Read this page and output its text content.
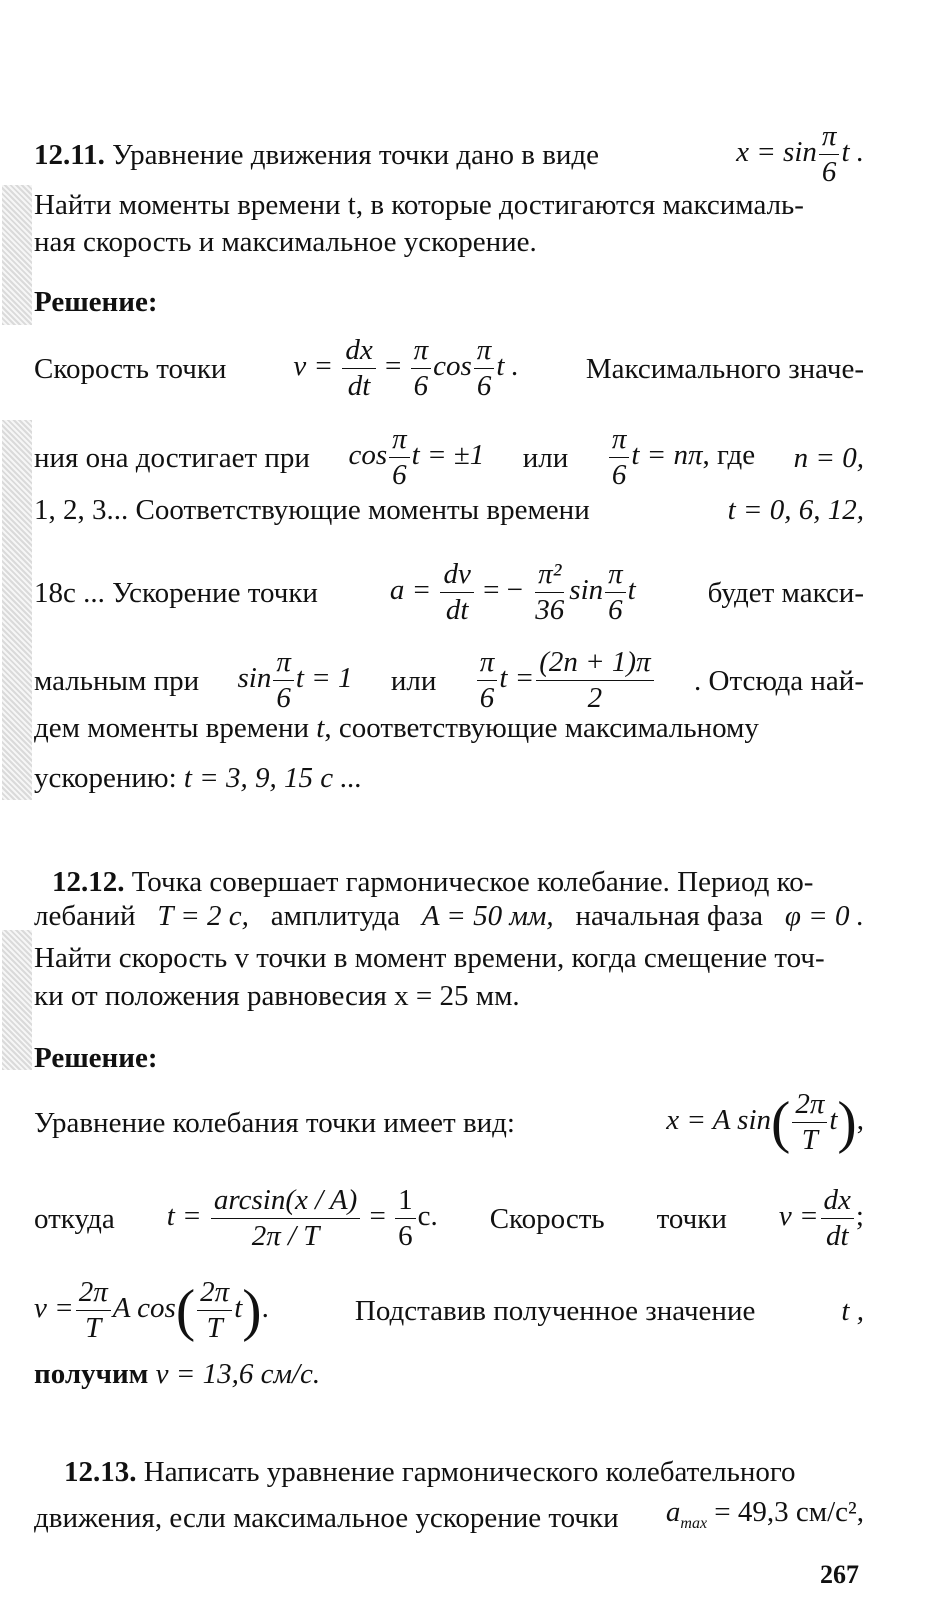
12.11. Уравнение движения точки дано в виде	$x = \sin \frac{\pi}{6}$ t .
Найти моменты времени t, в которые достигаются максималь-
ная скорость и максимальное ускорение.
Решение:
Скорость точки $v = \frac{dx}{dt} = \frac{\pi}{6}$ $\cos \frac{\pi}{6}$ t . Максимального значе-
ния она достигает при $\cos \frac{\pi}{6}$ t = ±1 или $\frac{\pi}{6}$ t = nπ, где n = 0,
1, 2, 3... Соответствующие моменты времени	t = 0, 6, 12,
18с ... Ускорение точки $a = \frac{dv}{dt}$ = − $\frac{\text{π²}}{36}$ $\sin \frac{\pi}{6}$ t будет макси-
мальным при $\sin \frac{\pi}{6}$ t = 1 или $\frac{\pi}{6}$ $t = \frac{(2n + 1)\pi}{2}$ . Отсюда най-
дем моменты времени t, соответствующие максимальному
ускорению: t = 3, 9, 15 с ...
12.12. Точка совершает гармоническое колебание. Период ко-
лебаний T = 2 с, амплитуда A = 50 мм, начальная фаза φ = 0 .
Найти скорость v точки в момент времени, когда смещение точ-
ки от положения равновесия x = 25 мм.
Решение:
Уравнение колебания точки имеет вид:	x = A $\sin( \frac{2\pi}{T} t)$,
откуда $t = \frac{\arcsin(x / A)}{2\pi / T} = \frac{1}{6} с$. Скорость точки $v = \frac{dx}{dt}$ ;
$v = \frac{2\pi}{T}$ A $\cos( \frac{2\pi}{T} t)$.	Подставив полученное значение	t ,
получим v = 13,6 см/с.
12.13. Написать уравнение гармонического колебательного
движения, если максимальное ускорение точки $a_{max} = 49,3$ см/с²,
267
